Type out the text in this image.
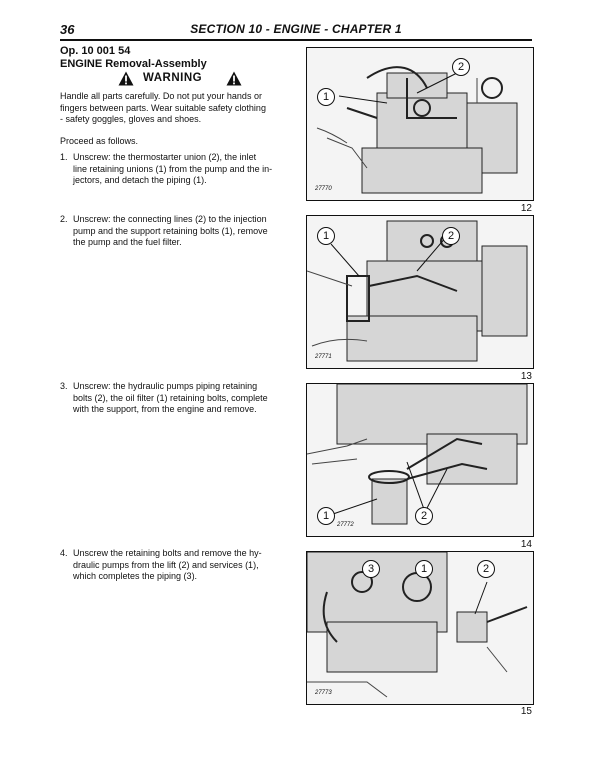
36	SECTION 10 - ENGINE - CHAPTER 1
Op. 10 001 54
ENGINE Removal-Assembly
WARNING
Handle all parts carefully. Do not put your hands or
fingers between parts. Wear suitable safety clothing
- safety goggles, gloves and shoes.
Proceed as follows.
1. Unscrew: the thermostarter union (2), the inlet
line retaining unions (1) from the pump and the in-
jectors, and detach the piping (1).
2. Unscrew: the connecting lines (2) to the injection
pump and the support retaining bolts (1), remove
the pump and the fuel filter.
3. Unscrew: the hydraulic pumps piping retaining
bolts (2), the oil filter (1) retaining bolts, complete
with the support, from the engine and remove.
4. Unscrew the retaining bolts and remove the hy-
draulic pumps from the lift (2) and services (1),
which completes the piping (3).
1
2
27770
12
1	2
27771
13
1	2
27772
14
3	1	2
27773
15
